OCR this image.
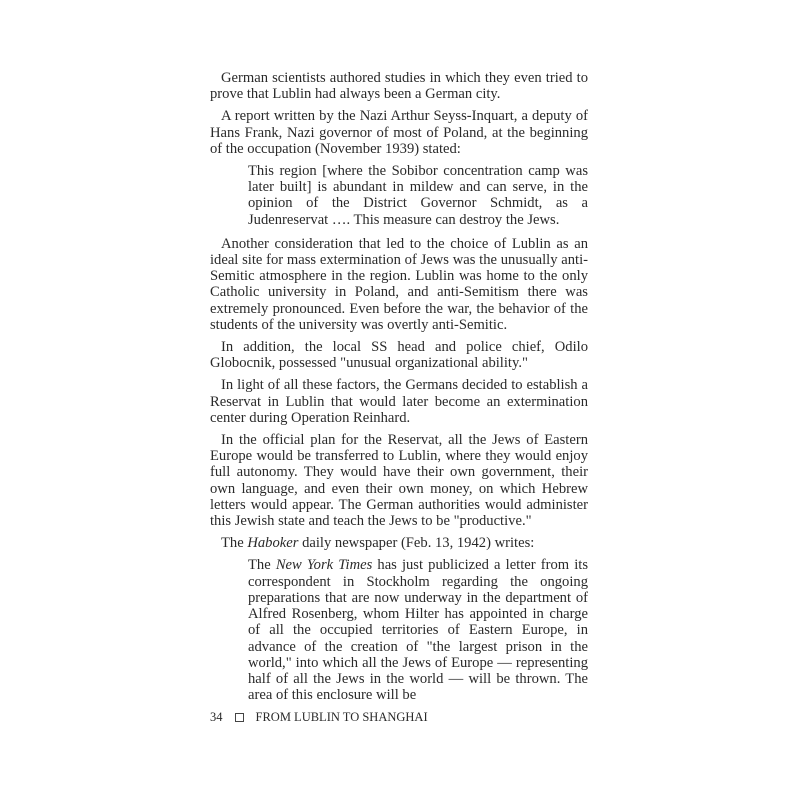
German scientists authored studies in which they even tried to prove that Lublin had always been a German city.

A report written by the Nazi Arthur Seyss-Inquart, a deputy of Hans Frank, Nazi governor of most of Poland, at the beginning of the occupation (November 1939) stated:

This region [where the Sobibor concentration camp was later built] is abundant in mildew and can serve, in the opinion of the District Governor Schmidt, as a Judenreservat …. This measure can destroy the Jews.

Another consideration that led to the choice of Lublin as an ideal site for mass extermination of Jews was the unusually anti-Semitic atmosphere in the region. Lublin was home to the only Catholic university in Poland, and anti-Semitism there was extremely pronounced. Even before the war, the behavior of the students of the university was overtly anti-Semitic.

In addition, the local SS head and police chief, Odilo Globocnik, possessed "unusual organizational ability."

In light of all these factors, the Germans decided to establish a Reservat in Lublin that would later become an extermination center during Operation Reinhard.

In the official plan for the Reservat, all the Jews of Eastern Europe would be transferred to Lublin, where they would enjoy full autonomy. They would have their own government, their own language, and even their own money, on which Hebrew letters would appear. The German authorities would administer this Jewish state and teach the Jews to be "productive."

The Haboker daily newspaper (Feb. 13, 1942) writes:

The New York Times has just publicized a letter from its correspondent in Stockholm regarding the ongoing preparations that are now underway in the department of Alfred Rosenberg, whom Hilter has appointed in charge of all the occupied territories of Eastern Europe, in advance of the creation of "the largest prison in the world," into which all the Jews of Europe — representing half of all the Jews in the world — will be thrown. The area of this enclosure will be

34	FROM LUBLIN TO SHANGHAI
